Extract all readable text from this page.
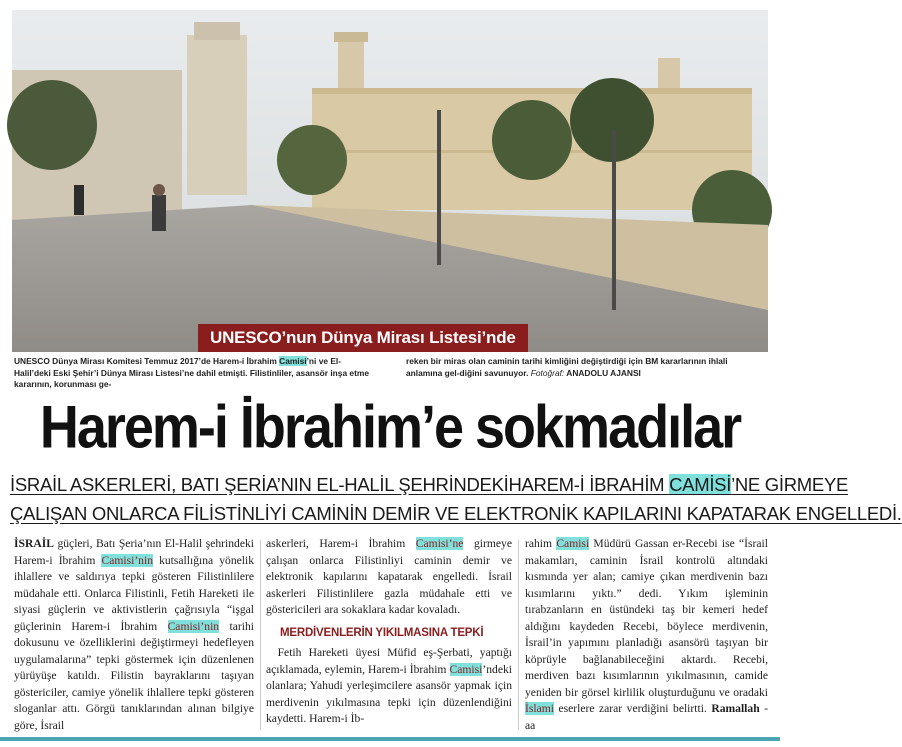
UNESCO’nun Dünya Mirası Listesi’nde
UNESCO Dünya Mirası Komitesi Temmuz 2017’de Harem-i İbrahim Camisi’ni ve El-Halil’deki Eski Şehir’i Dünya Mirası Listesi’ne dahil etmişti. Filistinliler, asansör inşa etme kararının, korunması ge-
reken bir miras olan caminin tarihi kimliğini değiştirdiği için BM kararlarının ihlali anlamına gel-diğini savunuyor. Fotoğraf: ANADOLU AJANSI
Harem-i İbrahim’e sokmadılar
İSRAİL ASKERLERİ, BATI ŞERİA’NIN EL-HALİL ŞEHRİNDEKİHAREM-İ İBRAHİM CAMİSİ’NE GİRMEYE
ÇALIŞAN ONLARCA FİLİSTİNLİYİ CAMİNİN DEMİR VE ELEKTRONİK KAPILARINI KAPATARAK ENGELLEDİ.

İSRAİL güçleri, Batı Şeria’nın El-Halil şehrindeki Harem-i İbrahim Camisi’nin kutsallığına yönelik ihlallere ve saldırıya tepki gösteren Filistinlilere müdahale etti. Onlarca Filistinli, Fetih Hareketi ile siyasi güçlerin ve aktivistlerin çağrısıyla “işgal güçlerinin Harem-i İbrahim Camisi’nin tarihi dokusunu ve özelliklerini değiştirmeyi hedefleyen uygulamalarına” tepki göstermek için düzenlenen yürüyüşe katıldı. Filistin bayraklarını taşıyan göstericiler, camiye yönelik ihlallere tepki gösteren sloganlar attı. Görgü tanıklarından alınan bilgiye göre, İsrail

askerleri, Harem-i İbrahim Camisi’ne girmeye çalışan onlarca Filistinliyi caminin demir ve elektronik kapılarını kapatarak engelledi. İsrail askerleri Filistinlilere gazla müdahale etti ve göstericileri ara sokaklara kadar kovaladı.

MERDİVENLERİN YIKILMASINA TEPKİ

 Fetih Hareketi üyesi Müfid eş-Şerbati, yaptığı açıklamada, eylemin, Harem-i İbrahim Camisi’ndeki olanlara; Yahudi yerleşimcilere asansör yapmak için merdivenin yıkılmasına tepki için düzenlendiğini kaydetti. Harem-i İb-

rahim Camisi Müdürü Gassan er-Recebi ise “İsrail makamları, caminin İsrail kontrolü altındaki kısmında yer alan; camiye çıkan merdivenin bazı kısımlarını yıktı.” dedi. Yıkım işleminin tırabzanların en üstündeki taş bir kemeri hedef aldığını kaydeden Recebi, böylece merdivenin, İsrail’in yapımını planladığı asansörü taşıyan bir köprüyle bağlanabileceğini aktardı. Recebi, merdiven bazı kısımlarının yıkılmasının, camide yeniden bir görsel kirlilik oluşturduğunu ve oradaki İslami eserlere zarar verdiğini belirtti. Ramallah - aa
